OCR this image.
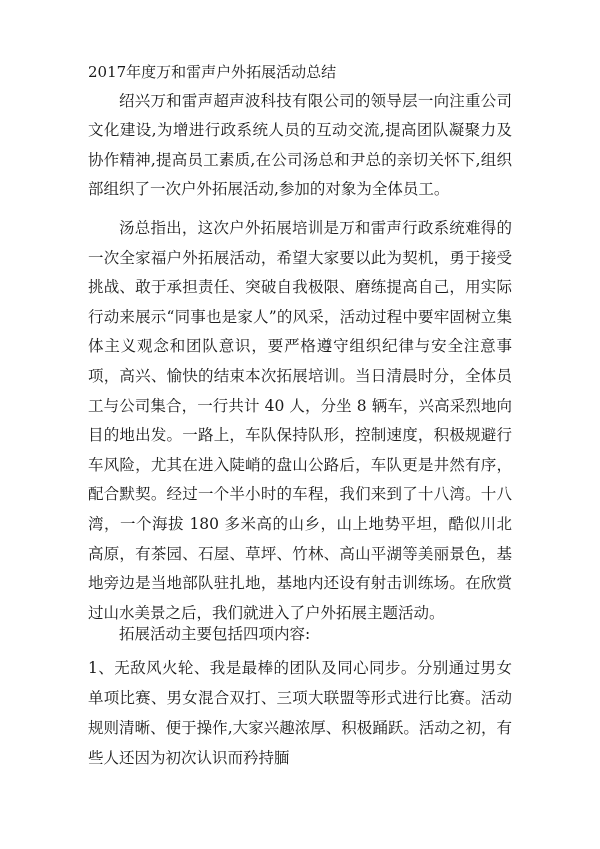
2017年度万和雷声户外拓展活动总结

绍兴万和雷声超声波科技有限公司的领导层一向注重公司文化建设,为增进行政系统人员的互动交流,提高团队凝聚力及协作精神,提高员工素质,在公司汤总和尹总的亲切关怀下,组织部组织了一次户外拓展活动,参加的对象为全体员工。

汤总指出，这次户外拓展培训是万和雷声行政系统难得的一次全家福户外拓展活动，希望大家要以此为契机，勇于接受挑战、敢于承担责任、突破自我极限、磨练提高自己，用实际行动来展示“同事也是家人”的风采，活动过程中要牢固树立集体主义观念和团队意识，要严格遵守组织纪律与安全注意事项，高兴、愉快的结束本次拓展培训。当日清晨时分，全体员工与公司集合，一行共计 40 人，分坐 8 辆车，兴高采烈地向目的地出发。一路上，车队保持队形，控制速度，积极规避行车风险，尤其在进入陡峭的盘山公路后，车队更是井然有序，配合默契。经过一个半小时的车程，我们来到了十八湾。十八湾，一个海拔 180 多米高的山乡，山上地势平坦，酷似川北高原，有茶园、石屋、草坪、竹林、高山平湖等美丽景色，基地旁边是当地部队驻扎地，基地内还设有射击训练场。在欣赏过山水美景之后，我们就进入了户外拓展主题活动。

拓展活动主要包括四项内容:

1、无敌风火轮、我是最棒的团队及同心同步。分别通过男女单项比赛、男女混合双打、三项大联盟等形式进行比赛。活动规则清晰、便于操作,大家兴趣浓厚、积极踊跃。活动之初，有些人还因为初次认识而矜持腼
